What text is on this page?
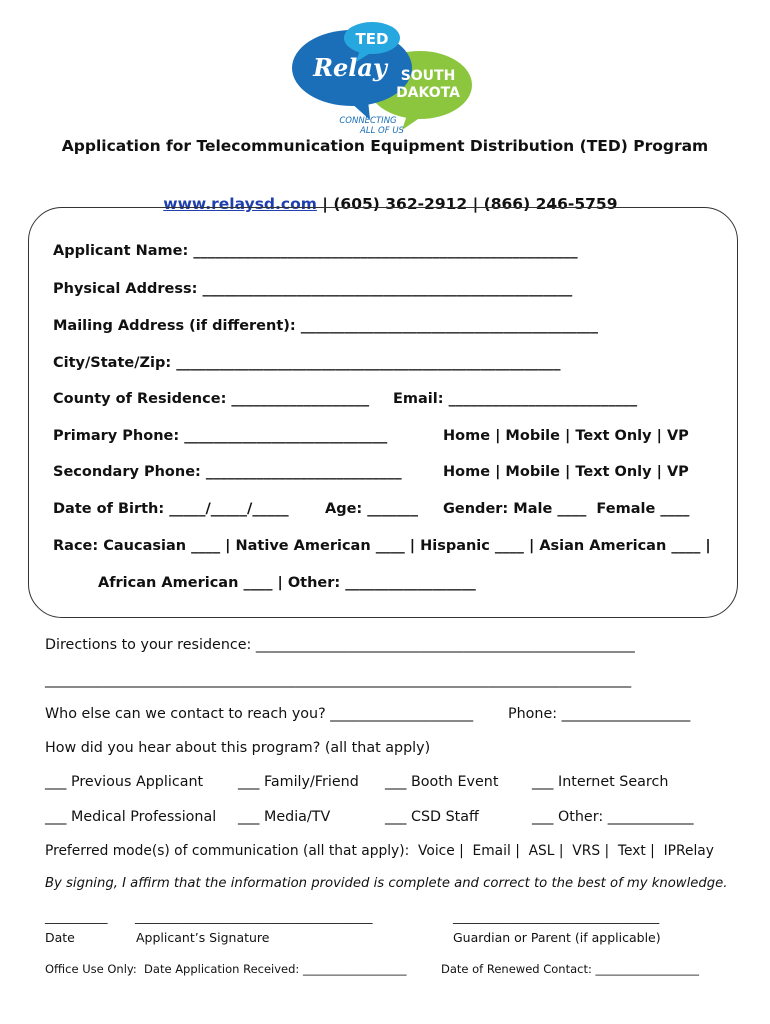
TED
Relay SOUTH
DAKOTA
CONNECTING
ALL OF US
Application for Telecommunication Equipment Distribution (TED) Program

www.relaysd.com | (605) 362-2912 | (866) 246-5759

Applicant Name: _____________________________________________________
Physical Address: ___________________________________________________
Mailing Address (if different): _________________________________________
City/State/Zip: _____________________________________________________
County of Residence: ___________________ Email: __________________________
Primary Phone: ____________________________	Home | Mobile | Text Only | VP
Secondary Phone: ___________________________	Home | Mobile | Text Only | VP
Date of Birth: _____/_____/_____	Age: _______ Gender: Male ____  Female ____
Race: Caucasian ____ | Native American ____ | Hispanic ____ | Asian American ____ |
African American ____ | Other: __________________
Directions to your residence: _____________________________________________________
__________________________________________________________________________________
Who else can we contact to reach you? ____________________ Phone: __________________
How did you hear about this program? (all that apply)
___ Previous Applicant ___ Family/Friend ___ Booth Event ___ Internet Search
___ Medical Professional ___ Media/TV	___ CSD Staff	___ Other: ____________
Preferred mode(s) of communication (all that apply):  Voice |  Email |  ASL |  VRS |  Text |  IPRelay
By signing, I affirm that the information provided is complete and correct to the best of my knowledge.
__________ ______________________________________	_________________________________
Date	Applicant’s Signature	Guardian or Parent (if applicable)
Office Use Only:  Date Application Received: __________________	Date of Renewed Contact: __________________
